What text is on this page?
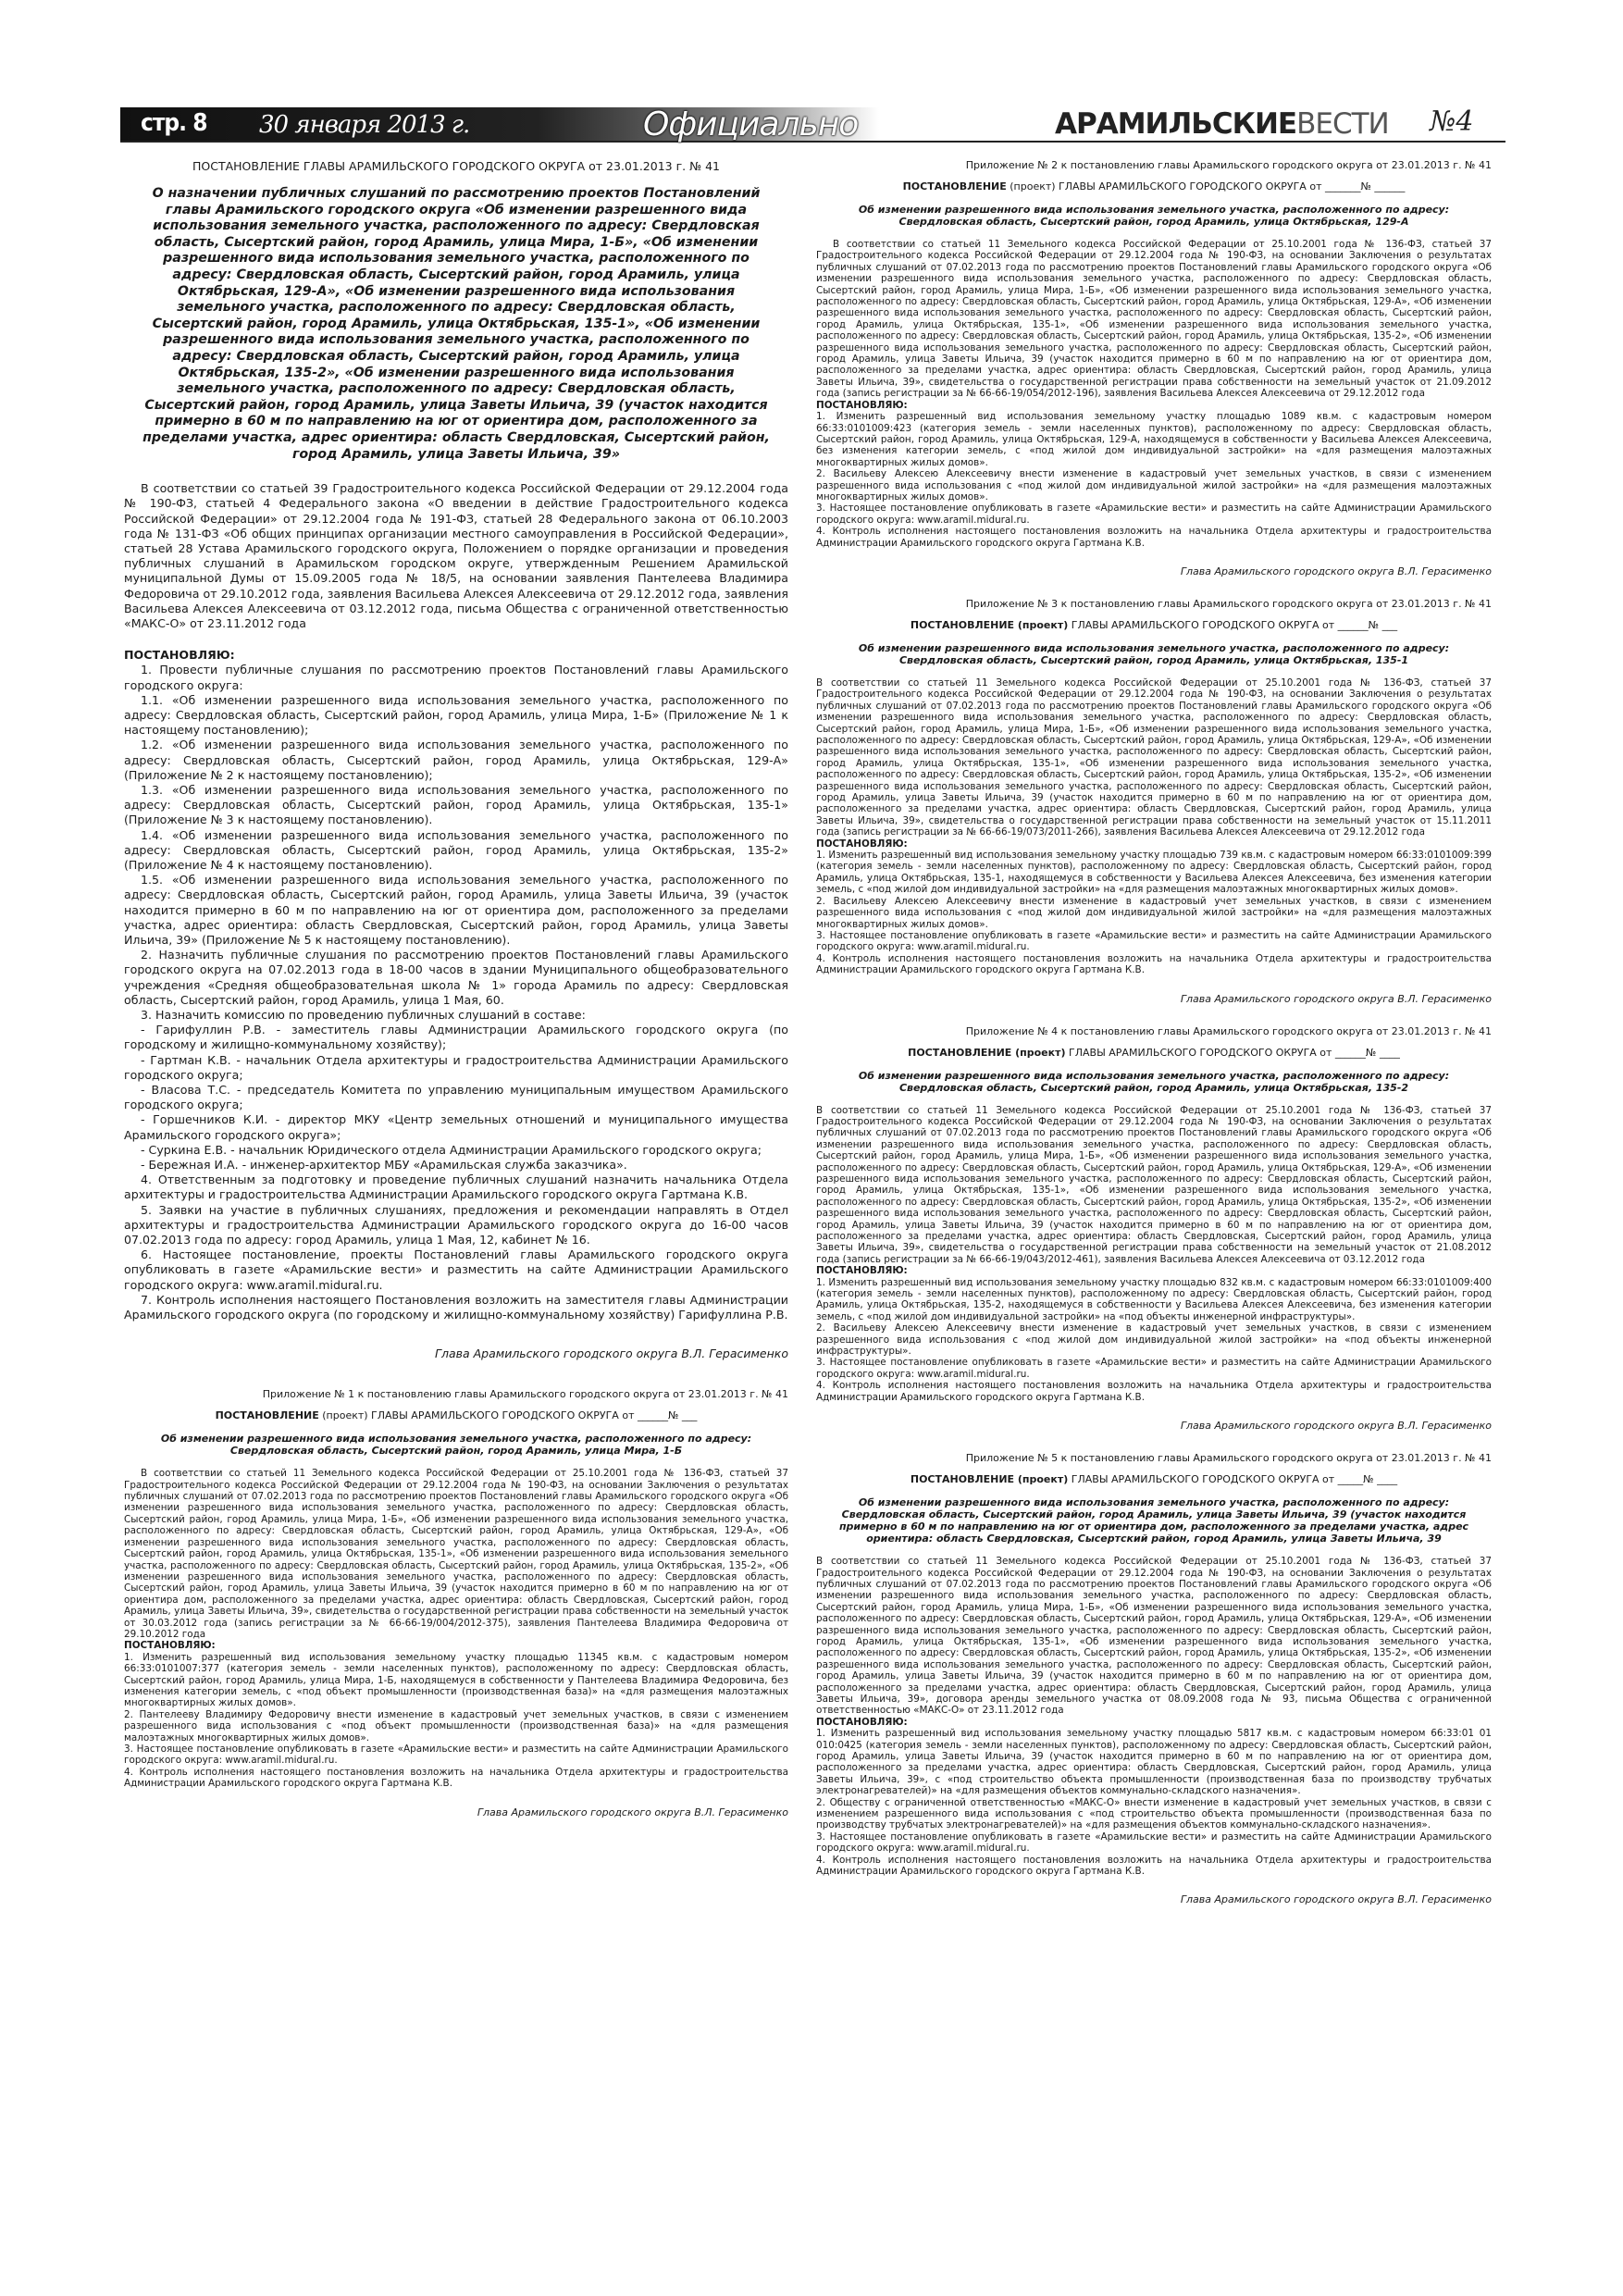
стр. 8 30 января 2013 г.	Официально	АРАМИЛЬСКИЕВЕСТИ №4
ПОСТАНОВЛЕНИЕ ГЛАВЫ АРАМИЛЬСКОГО ГОРОДСКОГО ОКРУГА от 23.01.2013 г. № 41
О назначении публичных слушаний по рассмотрению проектов Постановлений главы Арамильского городского округа «Об изменении разрешенного вида использования земельного участка, расположенного по адресу: Свердловская область, Сысертский район, город Арамиль, улица Мира, 1-Б», «Об изменении разрешенного вида использования земельного участка, расположенного по адресу: Свердловская область, Сысертский район, город Арамиль, улица Октябрьская, 129-А», «Об изменении разрешенного вида использования земельного участка, расположенного по адресу: Свердловская область, Сысертский район, город Арамиль, улица Октябрьская, 135-1», «Об изменении разрешенного вида использования земельного участка, расположенного по адресу: Свердловская область, Сысертский район, город Арамиль, улица Октябрьская, 135-2», «Об изменении разрешенного вида использования земельного участка, расположенного по адресу: Свердловская область, Сысертский район, город Арамиль, улица Заветы Ильича, 39 (участок находится примерно в 60 м по направлению на юг от ориентира дом, расположенного за пределами участка, адрес ориентира: область Свердловская, Сысертский район, город Арамиль, улица Заветы Ильича, 39»

В соответствии со статьей 39 Градостроительного кодекса Российской Федерации от 29.12.2004 года № 190-ФЗ, статьей 4 Федерального закона «О введении в действие Градостроительного кодекса Российской Федерации» от 29.12.2004 года № 191-ФЗ, статьей 28 Федерального закона от 06.10.2003 года № 131-ФЗ «Об общих принципах организации местного самоуправления в Российской Федерации», статьей 28 Устава Арамильского городского округа, Положением о порядке организации и проведения публичных слушаний в Арамильском городском округе, утвержденным Решением Арамильской муниципальной Думы от 15.09.2005 года № 18/5, на основании заявления Пантелеева Владимира Федоровича от 29.10.2012 года, заявления Васильева Алексея Алексеевича от 29.12.2012 года, заявления Васильева Алексея Алексеевича от 03.12.2012 года, письма Общества с ограниченной ответственностью «МАКС-О» от 23.11.2012 года

ПОСТАНОВЛЯЮ:

1. Провести публичные слушания по рассмотрению проектов Постановлений главы Арамильского городского округа:

1.1. «Об изменении разрешенного вида использования земельного участка, расположенного по адресу: Свердловская область, Сысертский район, город Арамиль, улица Мира, 1-Б» (Приложение № 1 к настоящему постановлению);

1.2. «Об изменении разрешенного вида использования земельного участка, расположенного по адресу: Свердловская область, Сысертский район, город Арамиль, улица Октябрьская, 129-А» (Приложение № 2 к настоящему постановлению);

1.3. «Об изменении разрешенного вида использования земельного участка, расположенного по адресу: Свердловская область, Сысертский район, город Арамиль, улица Октябрьская, 135-1» (Приложение № 3 к настоящему постановлению).

1.4. «Об изменении разрешенного вида использования земельного участка, расположенного по адресу: Свердловская область, Сысертский район, город Арамиль, улица Октябрьская, 135-2» (Приложение № 4 к настоящему постановлению).

1.5. «Об изменении разрешенного вида использования земельного участка, расположенного по адресу: Свердловская область, Сысертский район, город Арамиль, улица Заветы Ильича, 39 (участок находится примерно в 60 м по направлению на юг от ориентира дом, расположенного за пределами участка, адрес ориентира: область Свердловская, Сысертский район, город Арамиль, улица Заветы Ильича, 39» (Приложение № 5 к настоящему постановлению).

2. Назначить публичные слушания по рассмотрению проектов Постановлений главы Арамильского городского округа на 07.02.2013 года в 18-00 часов в здании Муниципального общеобразовательного учреждения «Средняя общеобразовательная школа № 1» города Арамиль по адресу: Свердловская область, Сысертский район, город Арамиль, улица 1 Мая, 60.

3. Назначить комиссию по проведению публичных слушаний в составе:

- Гарифуллин Р.В. - заместитель главы Администрации Арамильского городского округа (по городскому и жилищно-коммунальному хозяйству);

- Гартман К.В. - начальник Отдела архитектуры и градостроительства Администрации Арамильского городского округа;

- Власова Т.С. - председатель Комитета по управлению муниципальным имуществом Арамильского городского округа;

- Горшечников К.И. - директор МКУ «Центр земельных отношений и муниципального имущества Арамильского городского округа»;

- Суркина Е.В. - начальник Юридического отдела Администрации Арамильского городского округа;

- Бережная И.А. - инженер-архитектор МБУ «Арамильская служба заказчика».

4. Ответственным за подготовку и проведение публичных слушаний назначить начальника Отдела архитектуры и градостроительства Администрации Арамильского городского округа Гартмана К.В.

5. Заявки на участие в публичных слушаниях, предложения и рекомендации направлять в Отдел архитектуры и градостроительства Администрации Арамильского городского округа до 16-00 часов 07.02.2013 года по адресу: город Арамиль, улица 1 Мая, 12, кабинет № 16.

6. Настоящее постановление, проекты Постановлений главы Арамильского городского округа опубликовать в газете «Арамильские вести» и разместить на сайте Администрации Арамильского городского округа: www.aramil.midural.ru.

7. Контроль исполнения настоящего Постановления возложить на заместителя главы Администрации Арамильского городского округа (по городскому и жилищно-коммунальному хозяйству) Гарифуллина Р.В.

Глава Арамильского городского округа В.Л. Герасименко
Приложение № 1 к постановлению главы Арамильского городского округа от 23.01.2013 г. № 41
ПОСТАНОВЛЕНИЕ (проект) ГЛАВЫ АРАМИЛЬСКОГО ГОРОДСКОГО ОКРУГА от ______№ ___
Об изменении разрешенного вида использования земельного участка, расположенного по адресу: Свердловская область, Сысертский район, город Арамиль, улица Мира, 1-Б

В соответствии со статьей 11 Земельного кодекса Российской Федерации от 25.10.2001 года № 136-ФЗ, статьей 37 Градостроительного кодекса Российской Федерации от 29.12.2004 года № 190-ФЗ, на основании Заключения о результатах публичных слушаний от 07.02.2013 года по рассмотрению проектов Постановлений главы Арамильского городского округа «Об изменении разрешенного вида использования земельного участка, расположенного по адресу: Свердловская область, Сысертский район, город Арамиль, улица Мира, 1-Б», «Об изменении разрешенного вида использования земельного участка, расположенного по адресу: Свердловская область, Сысертский район, город Арамиль, улица Октябрьская, 129-А», «Об изменении разрешенного вида использования земельного участка, расположенного по адресу: Свердловская область, Сысертский район, город Арамиль, улица Октябрьская, 135-1», «Об изменении разрешенного вида использования земельного участка, расположенного по адресу: Свердловская область, Сысертский район, город Арамиль, улица Октябрьская, 135-2», «Об изменении разрешенного вида использования земельного участка, расположенного по адресу: Свердловская область, Сысертский район, город Арамиль, улица Заветы Ильича, 39 (участок находится примерно в 60 м по направлению на юг от ориентира дом, расположенного за пределами участка, адрес ориентира: область Свердловская, Сысертский район, город Арамиль, улица Заветы Ильича, 39», свидетельства о государственной регистрации права собственности на земельный участок от 30.03.2012 года (запись регистрации за № 66-66-19/004/2012-375), заявления Пантелеева Владимира Федоровича от 29.10.2012 года

ПОСТАНОВЛЯЮ:

1. Изменить разрешенный вид использования земельному участку площадью 11345 кв.м. с кадастровым номером 66:33:0101007:377 (категория земель - земли населенных пунктов), расположенному по адресу: Свердловская область, Сысертский район, город Арамиль, улица Мира, 1-Б, находящемуся в собственности у Пантелеева Владимира Федоровича, без изменения категории земель, с «под объект промышленности (производственная база)» на «для размещения малоэтажных многоквартирных жилых домов».

2. Пантелееву Владимиру Федоровичу внести изменение в кадастровый учет земельных участков, в связи с изменением разрешенного вида использования с «под объект промышленности (производственная база)» на «для размещения малоэтажных многоквартирных жилых домов».

3. Настоящее постановление опубликовать в газете «Арамильские вести» и разместить на сайте Администрации Арамильского городского округа: www.aramil.midural.ru.

4. Контроль исполнения настоящего постановления возложить на начальника Отдела архитектуры и градостроительства Администрации Арамильского городского округа Гартмана К.В.

Глава Арамильского городского округа В.Л. Герасименко
Приложение № 2 к постановлению главы Арамильского городского округа от 23.01.2013 г. № 41
ПОСТАНОВЛЕНИЕ (проект) ГЛАВЫ АРАМИЛЬСКОГО ГОРОДСКОГО ОКРУГА от _______№ ______
Об изменении разрешенного вида использования земельного участка, расположенного по адресу: Свердловская область, Сысертский район, город Арамиль, улица Октябрьская, 129-А

В соответствии со статьей 11 Земельного кодекса Российской Федерации от 25.10.2001 года № 136-ФЗ, статьей 37 Градостроительного кодекса Российской Федерации от 29.12.2004 года № 190-ФЗ, на основании Заключения о результатах публичных слушаний от 07.02.2013 года по рассмотрению проектов Постановлений главы Арамильского городского округа «Об изменении разрешенного вида использования земельного участка, расположенного по адресу: Свердловская область, Сысертский район, город Арамиль, улица Мира, 1-Б», «Об изменении разрешенного вида использования земельного участка, расположенного по адресу: Свердловская область, Сысертский район, город Арамиль, улица Октябрьская, 129-А», «Об изменении разрешенного вида использования земельного участка, расположенного по адресу: Свердловская область, Сысертский район, город Арамиль, улица Октябрьская, 135-1», «Об изменении разрешенного вида использования земельного участка, расположенного по адресу: Свердловская область, Сысертский район, город Арамиль, улица Октябрьская, 135-2», «Об изменении разрешенного вида использования земельного участка, расположенного по адресу: Свердловская область, Сысертский район, город Арамиль, улица Заветы Ильича, 39 (участок находится примерно в 60 м по направлению на юг от ориентира дом, расположенного за пределами участка, адрес ориентира: область Свердловская, Сысертский район, город Арамиль, улица Заветы Ильича, 39», свидетельства о государственной регистрации права собственности на земельный участок от 21.09.2012 года (запись регистрации за № 66-66-19/054/2012-196), заявления Васильева Алексея Алексеевича от 29.12.2012 года

ПОСТАНОВЛЯЮ:

1. Изменить разрешенный вид использования земельному участку площадью 1089 кв.м. с кадастровым номером 66:33:0101009:423 (категория земель - земли населенных пунктов), расположенному по адресу: Свердловская область, Сысертский район, город Арамиль, улица Октябрьская, 129-А, находящемуся в собственности у Васильева Алексея Алексеевича, без изменения категории земель, с «под жилой дом индивидуальной застройки» на «для размещения малоэтажных многоквартирных жилых домов».

2. Васильеву Алексею Алексеевичу внести изменение в кадастровый учет земельных участков, в связи с изменением разрешенного вида использования с «под жилой дом индивидуальной жилой застройки» на «для размещения малоэтажных многоквартирных жилых домов».

3. Настоящее постановление опубликовать в газете «Арамильские вести» и разместить на сайте Администрации Арамильского городского округа: www.aramil.midural.ru.

4. Контроль исполнения настоящего постановления возложить на начальника Отдела архитектуры и градостроительства Администрации Арамильского городского округа Гартмана К.В.

Глава Арамильского городского округа В.Л. Герасименко
Приложение № 3 к постановлению главы Арамильского городского округа от 23.01.2013 г. № 41
ПОСТАНОВЛЕНИЕ (проект) ГЛАВЫ АРАМИЛЬСКОГО ГОРОДСКОГО ОКРУГА от ______№ ___
Об изменении разрешенного вида использования земельного участка, расположенного по адресу: Свердловская область, Сысертский район, город Арамиль, улица Октябрьская, 135-1

В соответствии со статьей 11 Земельного кодекса Российской Федерации от 25.10.2001 года № 136-ФЗ, статьей 37 Градостроительного кодекса Российской Федерации от 29.12.2004 года № 190-ФЗ, на основании Заключения о результатах публичных слушаний от 07.02.2013 года по рассмотрению проектов Постановлений главы Арамильского городского округа «Об изменении разрешенного вида использования земельного участка, расположенного по адресу: Свердловская область, Сысертский район, город Арамиль, улица Мира, 1-Б», «Об изменении разрешенного вида использования земельного участка, расположенного по адресу: Свердловская область, Сысертский район, город Арамиль, улица Октябрьская, 129-А», «Об изменении разрешенного вида использования земельного участка, расположенного по адресу: Свердловская область, Сысертский район, город Арамиль, улица Октябрьская, 135-1», «Об изменении разрешенного вида использования земельного участка, расположенного по адресу: Свердловская область, Сысертский район, город Арамиль, улица Октябрьская, 135-2», «Об изменении разрешенного вида использования земельного участка, расположенного по адресу: Свердловская область, Сысертский район, город Арамиль, улица Заветы Ильича, 39 (участок находится примерно в 60 м по направлению на юг от ориентира дом, расположенного за пределами участка, адрес ориентира: область Свердловская, Сысертский район, город Арамиль, улица Заветы Ильича, 39», свидетельства о государственной регистрации права собственности на земельный участок от 15.11.2011 года (запись регистрации за № 66-66-19/073/2011-266), заявления Васильева Алексея Алексеевича от 29.12.2012 года

ПОСТАНОВЛЯЮ:

1. Изменить разрешенный вид использования земельному участку площадью 739 кв.м. с кадастровым номером 66:33:0101009:399 (категория земель - земли населенных пунктов), расположенному по адресу: Свердловская область, Сысертский район, город Арамиль, улица Октябрьская, 135-1, находящемуся в собственности у Васильева Алексея Алексеевича, без изменения категории земель, с «под жилой дом индивидуальной застройки» на «для размещения малоэтажных многоквартирных жилых домов».

2. Васильеву Алексею Алексеевичу внести изменение в кадастровый учет земельных участков, в связи с изменением разрешенного вида использования с «под жилой дом индивидуальной жилой застройки» на «для размещения малоэтажных многоквартирных жилых домов».

3. Настоящее постановление опубликовать в газете «Арамильские вести» и разместить на сайте Администрации Арамильского городского округа: www.aramil.midural.ru.

4. Контроль исполнения настоящего постановления возложить на начальника Отдела архитектуры и градостроительства Администрации Арамильского городского округа Гартмана К.В.

Глава Арамильского городского округа В.Л. Герасименко
Приложение № 4 к постановлению главы Арамильского городского округа от 23.01.2013 г. № 41
ПОСТАНОВЛЕНИЕ (проект) ГЛАВЫ АРАМИЛЬСКОГО ГОРОДСКОГО ОКРУГА от ______№ ____
Об изменении разрешенного вида использования земельного участка, расположенного по адресу: Свердловская область, Сысертский район, город Арамиль, улица Октябрьская, 135-2

В соответствии со статьей 11 Земельного кодекса Российской Федерации от 25.10.2001 года № 136-ФЗ, статьей 37 Градостроительного кодекса Российской Федерации от 29.12.2004 года № 190-ФЗ, на основании Заключения о результатах публичных слушаний от 07.02.2013 года по рассмотрению проектов Постановлений главы Арамильского городского округа «Об изменении разрешенного вида использования земельного участка, расположенного по адресу: Свердловская область, Сысертский район, город Арамиль, улица Мира, 1-Б», «Об изменении разрешенного вида использования земельного участка, расположенного по адресу: Свердловская область, Сысертский район, город Арамиль, улица Октябрьская, 129-А», «Об изменении разрешенного вида использования земельного участка, расположенного по адресу: Свердловская область, Сысертский район, город Арамиль, улица Октябрьская, 135-1», «Об изменении разрешенного вида использования земельного участка, расположенного по адресу: Свердловская область, Сысертский район, город Арамиль, улица Октябрьская, 135-2», «Об изменении разрешенного вида использования земельного участка, расположенного по адресу: Свердловская область, Сысертский район, город Арамиль, улица Заветы Ильича, 39 (участок находится примерно в 60 м по направлению на юг от ориентира дом, расположенного за пределами участка, адрес ориентира: область Свердловская, Сысертский район, город Арамиль, улица Заветы Ильича, 39», свидетельства о государственной регистрации права собственности на земельный участок от 21.08.2012 года (запись регистрации за № 66-66-19/043/2012-461), заявления Васильева Алексея Алексеевича от 03.12.2012 года

ПОСТАНОВЛЯЮ:

1. Изменить разрешенный вид использования земельному участку площадью 832 кв.м. с кадастровым номером 66:33:0101009:400 (категория земель - земли населенных пунктов), расположенному по адресу: Свердловская область, Сысертский район, город Арамиль, улица Октябрьская, 135-2, находящемуся в собственности у Васильева Алексея Алексеевича, без изменения категории земель, с «под жилой дом индивидуальной застройки» на «под объекты инженерной инфраструктуры».

2. Васильеву Алексею Алексеевичу внести изменение в кадастровый учет земельных участков, в связи с изменением разрешенного вида использования с «под жилой дом индивидуальной жилой застройки» на «под объекты инженерной инфраструктуры».

3. Настоящее постановление опубликовать в газете «Арамильские вести» и разместить на сайте Администрации Арамильского городского округа: www.aramil.midural.ru.

4. Контроль исполнения настоящего постановления возложить на начальника Отдела архитектуры и градостроительства Администрации Арамильского городского округа Гартмана К.В.

Глава Арамильского городского округа В.Л. Герасименко
Приложение № 5 к постановлению главы Арамильского городского округа от 23.01.2013 г. № 41
ПОСТАНОВЛЕНИЕ (проект) ГЛАВЫ АРАМИЛЬСКОГО ГОРОДСКОГО ОКРУГА от _____№ ____
Об изменении разрешенного вида использования земельного участка, расположенного по адресу: Свердловская область, Сысертский район, город Арамиль, улица Заветы Ильича, 39 (участок находится примерно в 60 м по направлению на юг от ориентира дом, расположенного за пределами участка, адрес ориентира: область Свердловская, Сысертский район, город Арамиль, улица Заветы Ильича, 39

В соответствии со статьей 11 Земельного кодекса Российской Федерации от 25.10.2001 года № 136-ФЗ, статьей 37 Градостроительного кодекса Российской Федерации от 29.12.2004 года № 190-ФЗ, на основании Заключения о результатах публичных слушаний от 07.02.2013 года по рассмотрению проектов Постановлений главы Арамильского городского округа «Об изменении разрешенного вида использования земельного участка, расположенного по адресу: Свердловская область, Сысертский район, город Арамиль, улица Мира, 1-Б», «Об изменении разрешенного вида использования земельного участка, расположенного по адресу: Свердловская область, Сысертский район, город Арамиль, улица Октябрьская, 129-А», «Об изменении разрешенного вида использования земельного участка, расположенного по адресу: Свердловская область, Сысертский район, город Арамиль, улица Октябрьская, 135-1», «Об изменении разрешенного вида использования земельного участка, расположенного по адресу: Свердловская область, Сысертский район, город Арамиль, улица Октябрьская, 135-2», «Об изменении разрешенного вида использования земельного участка, расположенного по адресу: Свердловская область, Сысертский район, город Арамиль, улица Заветы Ильича, 39 (участок находится примерно в 60 м по направлению на юг от ориентира дом, расположенного за пределами участка, адрес ориентира: область Свердловская, Сысертский район, город Арамиль, улица Заветы Ильича, 39», договора аренды земельного участка от 08.09.2008 года № 93, письма Общества с ограниченной ответственностью «МАКС-О» от 23.11.2012 года

ПОСТАНОВЛЯЮ:

1. Изменить разрешенный вид использования земельному участку площадью 5817 кв.м. с кадастровым номером 66:33:01 01 010:0425 (категория земель - земли населенных пунктов), расположенному по адресу: Свердловская область, Сысертский район, город Арамиль, улица Заветы Ильича, 39 (участок находится примерно в 60 м по направлению на юг от ориентира дом, расположенного за пределами участка, адрес ориентира: область Свердловская, Сысертский район, город Арамиль, улица Заветы Ильича, 39», с «под строительство объекта промышленности (производственная база по производству трубчатых электронагревателей)» на «для размещения объектов коммунально-складского назначения».

2. Обществу с ограниченной ответственностью «МАКС-О» внести изменение в кадастровый учет земельных участков, в связи с изменением разрешенного вида использования с «под строительство объекта промышленности (производственная база по производству трубчатых электронагревателей)» на «для размещения объектов коммунально-складского назначения».

3. Настоящее постановление опубликовать в газете «Арамильские вести» и разместить на сайте Администрации Арамильского городского округа: www.aramil.midural.ru.

4. Контроль исполнения настоящего постановления возложить на начальника Отдела архитектуры и градостроительства Администрации Арамильского городского округа Гартмана К.В.

Глава Арамильского городского округа В.Л. Герасименко
